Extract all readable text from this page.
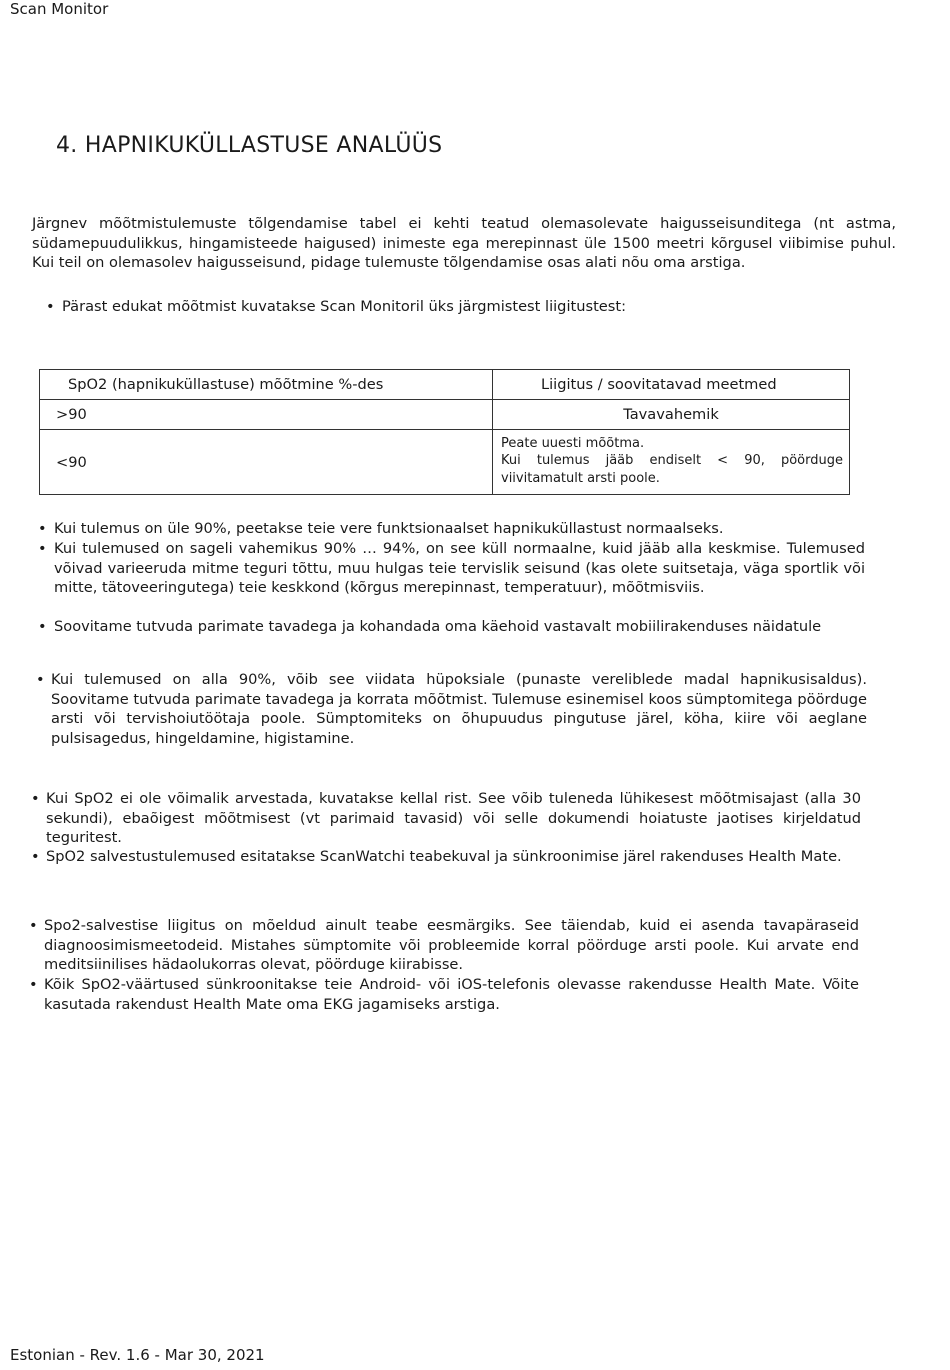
Scan Monitor
4. HAPNIKUKÜLLASTUSE ANALÜÜS
Järgnev mõõtmistulemuste tõlgendamise tabel ei kehti teatud olemasolevate haigusseisunditega (nt astma, südamepuudulikkus, hingamisteede haigused) inimeste ega merepinnast üle 1500 meetri kõrgusel viibimise puhul. Kui teil on olemasolev haigusseisund, pidage tulemuste tõlgendamise osas alati nõu oma arstiga.
• Pärast edukat mõõtmist kuvatakse Scan Monitoril üks järgmistest liigitustest:
SpO2 (hapnikuküllastuse) mõõtmine %-des	Liigitus / soovitatavad meetmed
>90	Tavavahemik
<90	Peate uuesti mõõtma.
Kui tulemus jääb endiselt < 90, pöörduge
viivitamatult arsti poole.
• Kui tulemus on üle 90%, peetakse teie vere funktsionaalset hapnikuküllastust normaalseks.
• Kui tulemused on sageli vahemikus 90% … 94%, on see küll normaalne, kuid jääb alla keskmise. Tulemused võivad varieeruda mitme teguri tõttu, muu hulgas teie tervislik seisund (kas olete suitsetaja, väga sportlik või mitte, tätoveeringutega) teie keskkond (kõrgus merepinnast, temperatuur), mõõtmisviis.
• Soovitame tutvuda parimate tavadega ja kohandada oma käehoid vastavalt mobiilirakenduses näidatule
• Kui tulemused on alla 90%, võib see viidata hüpoksiale (punaste vereliblede madal hapnikusisaldus). Soovitame tutvuda parimate tavadega ja korrata mõõtmist. Tulemuse esinemisel koos sümptomitega pöörduge arsti või tervishoiutöötaja poole. Sümptomiteks on õhupuudus pingutuse järel, köha, kiire või aeglane pulsisagedus, hingeldamine, higistamine.
• Kui SpO2 ei ole võimalik arvestada, kuvatakse kellal rist. See võib tuleneda lühikesest mõõtmisajast (alla 30 sekundi), ebaõigest mõõtmisest (vt parimaid tavasid) või selle dokumendi hoiatuste jaotises kirjeldatud teguritest.
• SpO2 salvestustulemused esitatakse ScanWatchi teabekuval ja sünkroonimise järel rakenduses Health Mate.
• Spo2-salvestise liigitus on mõeldud ainult teabe eesmärgiks. See täiendab, kuid ei asenda tavapäraseid diagnoosimismeetodeid. Mistahes sümptomite või probleemide korral pöörduge arsti poole. Kui arvate end meditsiinilises hädaolukorras olevat, pöörduge kiirabisse.
• Kõik SpO2-väärtused sünkroonitakse teie Android- või iOS-telefonis olevasse rakendusse Health Mate. Võite kasutada rakendust Health Mate oma EKG jagamiseks arstiga.
Estonian - Rev. 1.6 - Mar 30, 2021
